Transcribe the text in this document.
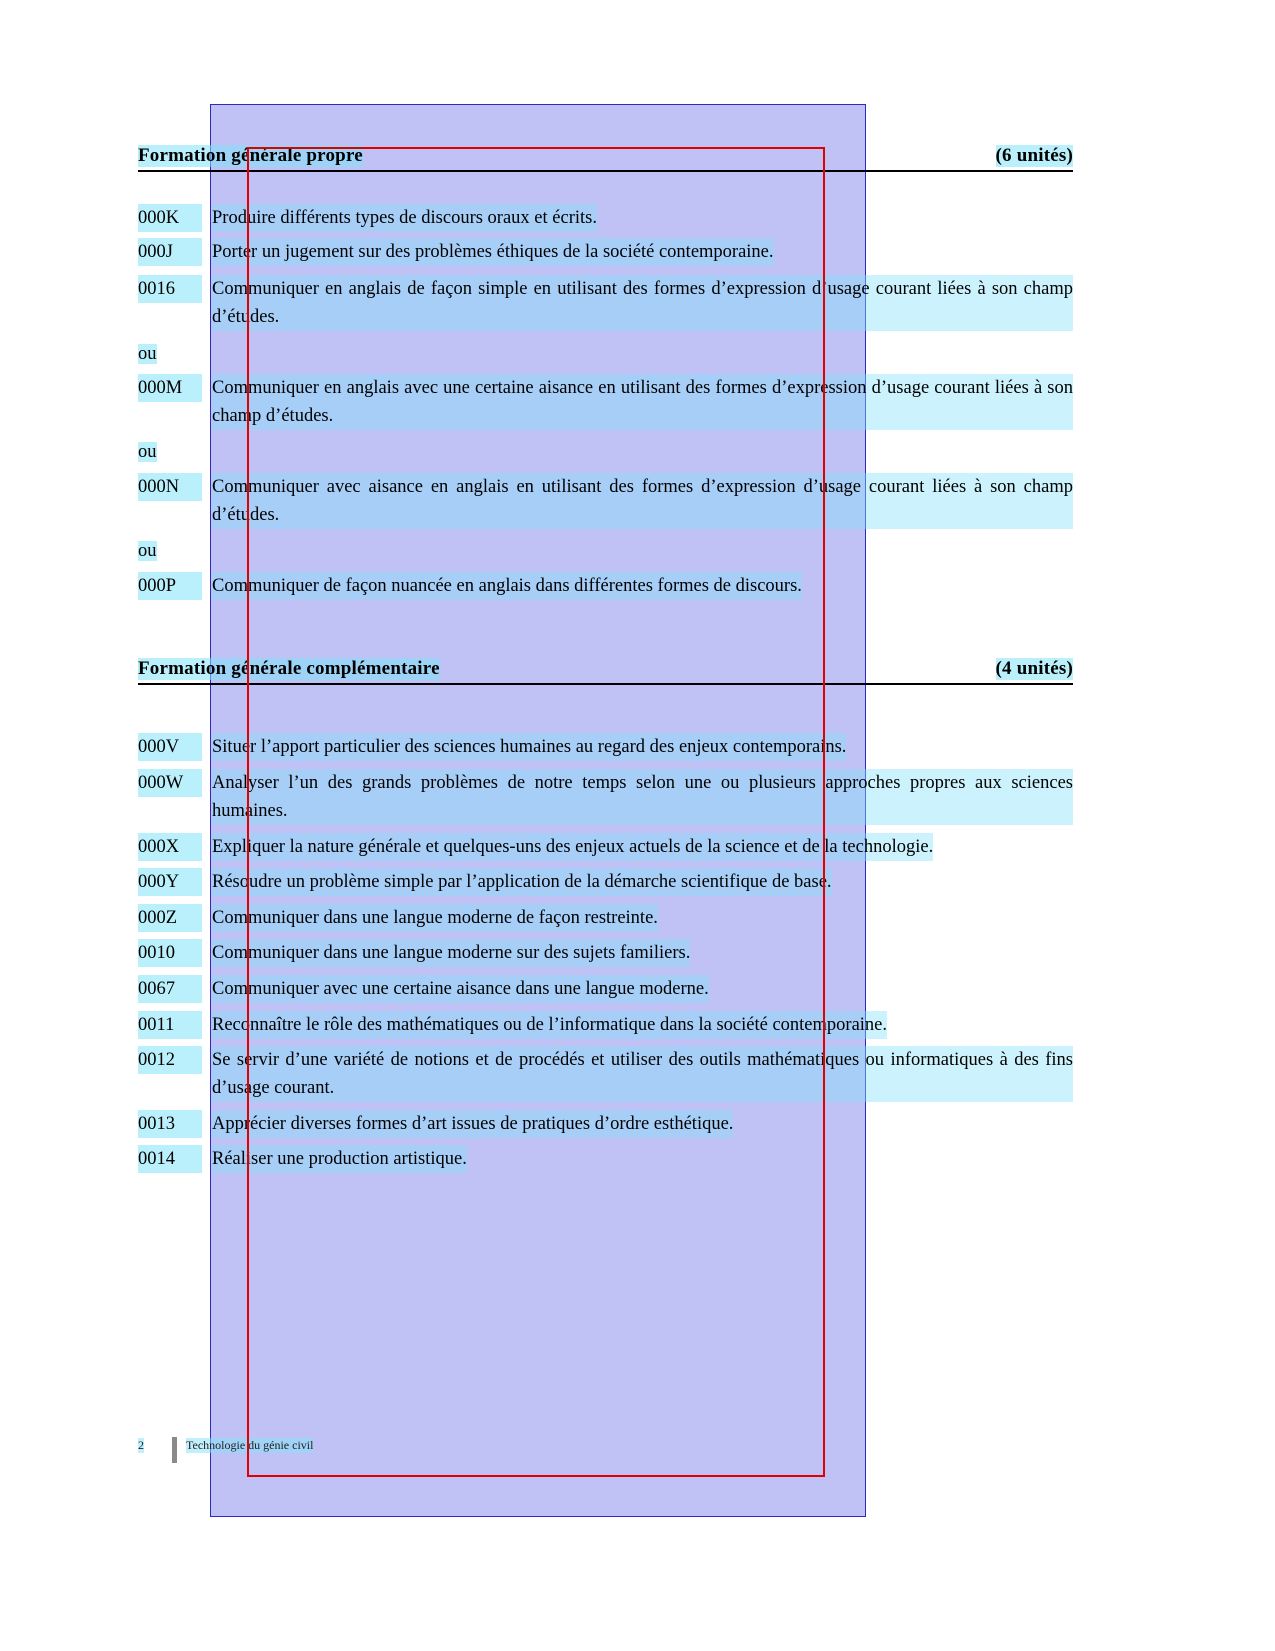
(6 unités)
Formation générale propre
000K	Produire différents types de discours oraux et écrits.
000J	Porter un jugement sur des problèmes éthiques de la société contemporaine.
0016	Communiquer en anglais de façon simple en utilisant des formes d’expression d’usage courant liées à son champ d’études.
ou
000M	Communiquer en anglais avec une certaine aisance en utilisant des formes d’expression d’usage courant liées à son champ d’études.
ou
000N	Communiquer avec aisance en anglais en utilisant des formes d’expression d’usage courant liées à son champ d’études.
ou
000P	Communiquer de façon nuancée en anglais dans différentes formes de discours.
(4 unités)
Formation générale complémentaire
000V	Situer l’apport particulier des sciences humaines au regard des enjeux contemporains.
000W	Analyser l’un des grands problèmes de notre temps selon une ou plusieurs approches propres aux sciences humaines.
000X	Expliquer la nature générale et quelques-uns des enjeux actuels de la science et de la technologie.
000Y	Résoudre un problème simple par l’application de la démarche scientifique de base.
000Z	Communiquer dans une langue moderne de façon restreinte.
0010	Communiquer dans une langue moderne sur des sujets familiers.
0067	Communiquer avec une certaine aisance dans une langue moderne.
0011	Reconnaître le rôle des mathématiques ou de l’informatique dans la société contemporaine.
0012	Se servir d’une variété de notions et de procédés et utiliser des outils mathématiques ou informatiques à des fins d’usage courant.
0013	Apprécier diverses formes d’art issues de pratiques d’ordre esthétique.
0014	Réaliser une production artistique.
2	Technologie du génie civil
